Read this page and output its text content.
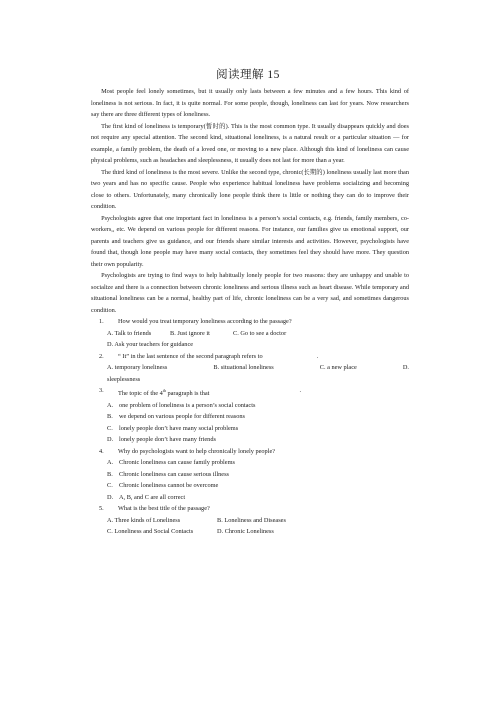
阅读理解 15

Most people feel lonely sometimes, but it usually only lasts between a few minutes and a few hours. This kind of loneliness is not serious. In fact, it is quite normal. For some people, though, loneliness can last for years. Now researchers say there are three different types of loneliness.

The first kind of loneliness is temporary(暂时的). This is the most common type. It usually disappears quickly and does not require any special attention. The second kind, situational loneliness, is a natural result or a particular situation — for example, a family problem, the death of a loved one, or moving to a new place. Although this kind of loneliness can cause physical problems, such as headaches and sleeplessness, it usually does not last for more than a year.

The third kind of loneliness is the most severe. Unlike the second type, chronic(长期的) loneliness usually last more than two years and has no specific cause. People who experience habitual loneliness have problems socializing and becoming close to others. Unfortunately, many chronically lone people think there is little or nothing they can do to improve their condition.

Psychologists agree that one important fact in loneliness is a person’s social contacts, e.g. friends, family members, co-workers,, etc. We depend on various people for different reasons. For instance, our families give us emotional support, our parents and teachers give us guidance, and our friends share similar interests and activities. However, psychologists have found that, though lone people may have many social contacts, they sometimes feel they should have more. They question their own popularity.

Psychologists are trying to find ways to help habitually lonely people for two reasons: they are unhappy and unable to socialize and there is a connection between chronic loneliness and serious illness such as heart disease. While temporary and situational loneliness can be a normal, healthy part of life, chronic loneliness can be a very sad, and sometimes dangerous condition.

1.	How would you treat temporary loneliness according to the passage?
A. Talk to friends	B. Just ignore it	C. Go to see a doctor
D. Ask your teachers for guidance
2.	“ It” in the last sentence of the second paragraph refers to	.
A. temporary loneliness	B. situational loneliness	C. a new place	D.
sleeplessness
3.	The topic of the 4th paragraph is that	.
A. one problem of loneliness is a person’s social contacts
B. we depend on various people for different reasons
C. lonely people don’t have many social problems
D. lonely people don’t have many friends
4.	Why do psychologists want to help chronically lonely people?
A. Chronic loneliness can cause family problems
B. Chronic loneliness can cause serious illness
C. Chronic loneliness cannot be overcome
D. A, B, and C are all correct
5.	What is the best title of the passage?
A. Three kinds of Loneliness	B. Loneliness and Diseases
C. Loneliness and Social Contacts	D. Chronic Loneliness
